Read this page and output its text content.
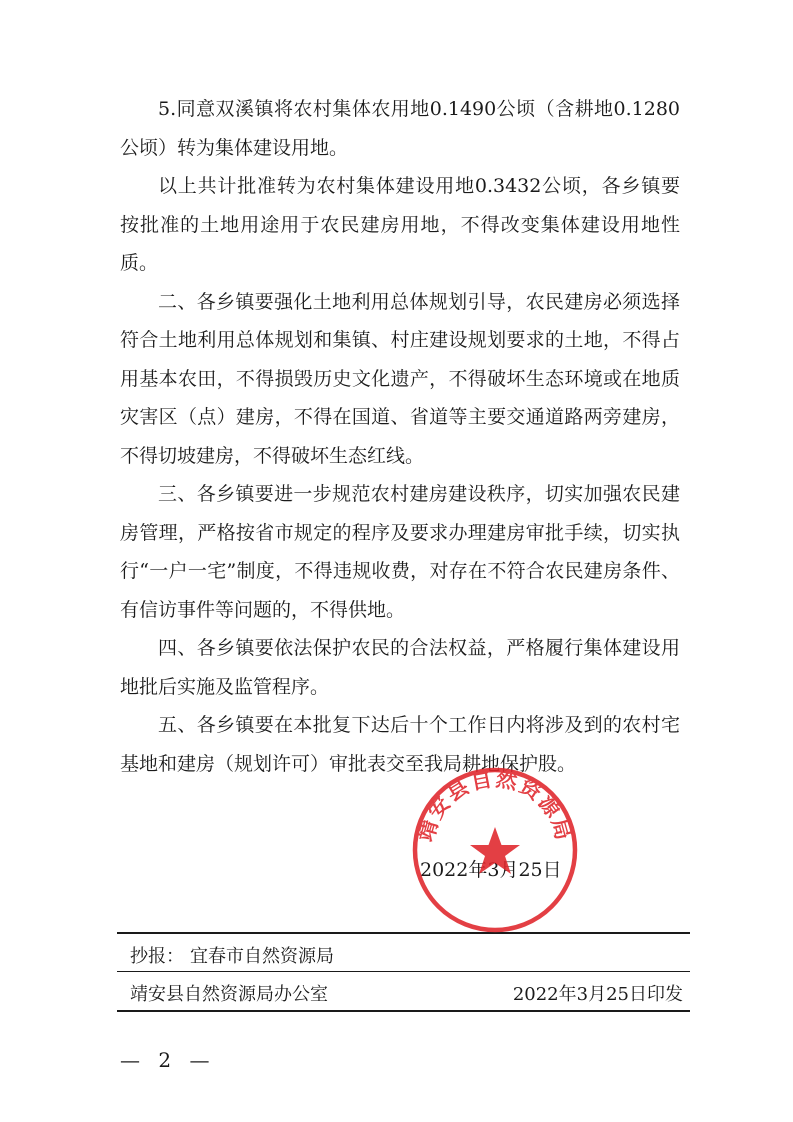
5.同意双溪镇将农村集体农用地0.1490公顷（含耕地0.1280公顷）转为集体建设用地。

以上共计批准转为农村集体建设用地0.3432公顷，各乡镇要按批准的土地用途用于农民建房用地，不得改变集体建设用地性质。

二、各乡镇要强化土地利用总体规划引导，农民建房必须选择符合土地利用总体规划和集镇、村庄建设规划要求的土地，不得占用基本农田，不得损毁历史文化遗产，不得破坏生态环境或在地质灾害区（点）建房，不得在国道、省道等主要交通道路两旁建房，不得切坡建房，不得破坏生态红线。

三、各乡镇要进一步规范农村建房建设秩序，切实加强农民建房管理，严格按省市规定的程序及要求办理建房审批手续，切实执行“一户一宅”制度，不得违规收费，对存在不符合农民建房条件、有信访事件等问题的，不得供地。

四、各乡镇要依法保护农民的合法权益，严格履行集体建设用地批后实施及监管程序。

五、各乡镇要在本批复下达后十个工作日内将涉及到的农村宅基地和建房（规划许可）审批表交至我局耕地保护股。

2022年3月25日
靖安县自然资源局
抄报： 宜春市自然资源局
靖安县自然资源局办公室	2022年3月25日印发
— 2 —
